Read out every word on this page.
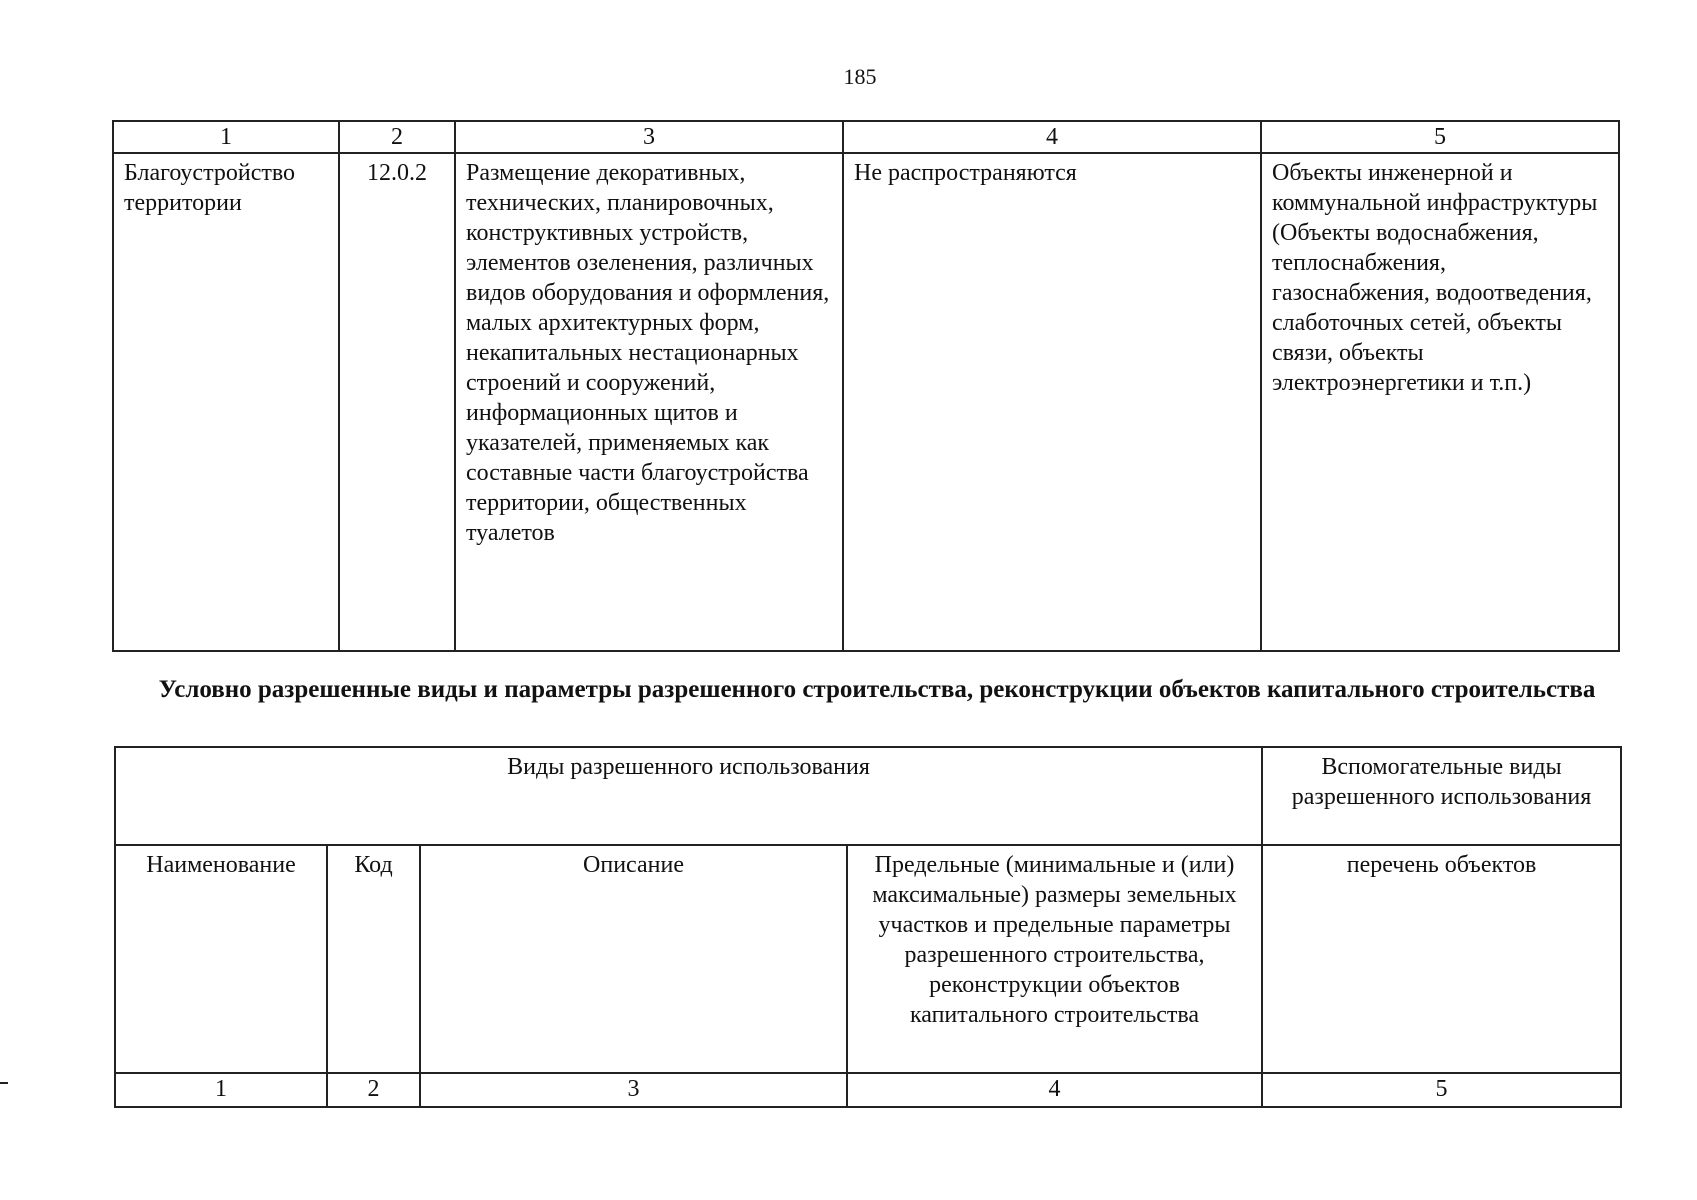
185
1	2	3	4	5
Благоустройство территории	12.0.2	Размещение декоративных, технических, планировочных, конструктивных устройств, элементов озеленения, различных видов оборудования и оформления, малых архитектурных форм, некапитальных нестационарных строений и сооружений, информационных щитов и указателей, применяемых как составные части благоустройства территории, общественных туалетов	Не распространяются	Объекты инженерной и коммунальной инфраструктуры (Объекты водоснабжения, теплоснабжения, газоснабжения, водоотведения, слаботочных сетей, объекты связи, объекты электроэнергетики и т.п.)
Условно разрешенные виды и параметры разрешенного строительства, реконструкции объектов капитального строительства
Виды разрешенного использования				Вспомогательные виды разрешенного использования
Наименование	Код	Описание	Предельные (минимальные и (или) максимальные) размеры земельных участков и предельные параметры разрешенного строительства, реконструкции объектов капитального строительства	перечень объектов
1	2	3	4	5
